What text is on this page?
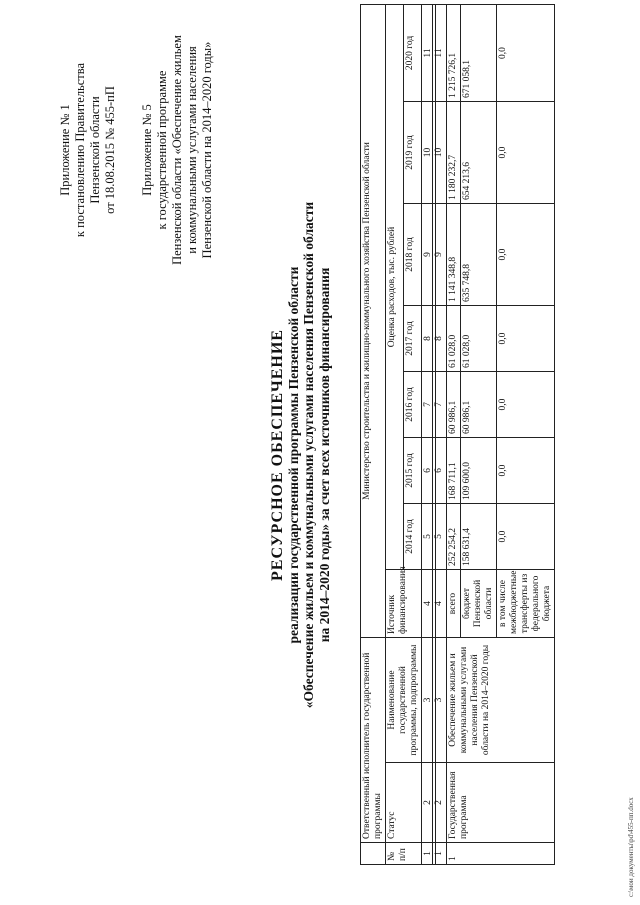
Приложение № 1 к постановлению Правительства Пензенской области от 18.08.2015 № 455-пП Приложение № 5 к государственной программе Пензенской области «Обеспечение жильем и коммунальными услугами населения Пензенской области на 2014–2020 годы»
РЕСУРСНОЕ ОБЕСПЕЧЕНИЕ реализации государственной программы Пензенской области «Обеспечение жильем и коммунальными услугами населения Пензенской области на 2014–2020 годы» за счет всех источников финансирования
	Ответственный исполнитель государственной программы		Министерство строительства и жилищно-коммунального хозяйства Пензенской области							
№ п/п	Статус	Наименование государственной программы, подпрограммы	Источник финансирования	Оценка расходов, тыс. рублей						
				2014 год	2015 год	2016 год	2017 год	2018 год	2019 год	2020 год
1	2	3	4	5	6	7	8	9	10	11
1	2	3	4	5	6	7	8	9	10	11
1	Государственная программа	Обеспечение жильем и коммунальными услугами населения Пензенской области на 2014–2020 годы	всего	252 254,2	168 711,1	60 986,1	61 028,0	1 141 348,8	1 180 232,7	1 215 726,1
			бюджет Пензенской области	158 631,4	109 600,0	60 986,1	61 028,0	635 748,8	654 213,6	671 058,1
			в том числе межбюджетные трансферты из федерального бюджета	0,0	0,0	0,0	0,0	0,0	0,0	0,0
c:\мои документы\pd\455-пп.docx
